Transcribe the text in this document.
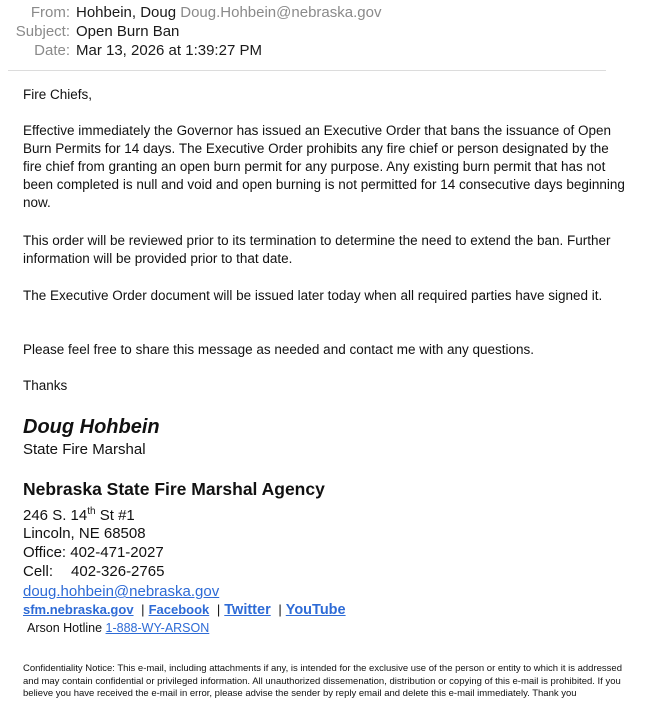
From: Hohbein, Doug Doug.Hohbein@nebraska.gov
Subject: Open Burn Ban
Date: Mar 13, 2026 at 1:39:27 PM

Fire Chiefs,

Effective immediately the Governor has issued an Executive Order that bans the issuance of Open Burn Permits for 14 days. The Executive Order prohibits any fire chief or person designated by the fire chief from granting an open burn permit for any purpose. Any existing burn permit that has not been completed is null and void and open burning is not permitted for 14 consecutive days beginning now.

This order will be reviewed prior to its termination to determine the need to extend the ban. Further information will be provided prior to that date.

The Executive Order document will be issued later today when all required parties have signed it.

Please feel free to share this message as needed and contact me with any questions.

Thanks

Doug Hohbein
State Fire Marshal
Nebraska State Fire Marshal Agency
246 S. 14th St #1
Lincoln, NE 68508
Office: 402-471-2027
Cell: 402-326-2765
doug.hohbein@nebraska.gov
sfm.nebraska.gov | Facebook | Twitter | YouTube
Arson Hotline 1-888-WY-ARSON
Confidentiality Notice: This e-mail, including attachments if any, is intended for the exclusive use of the person or entity to which it is addressed and may contain confidential or privileged information. All unauthorized dissemenation, distribution or copying of this e-mail is prohibited. If you believe you have received the e-mail in error, please advise the sender by reply email and delete this e-mail immediately. Thank you
